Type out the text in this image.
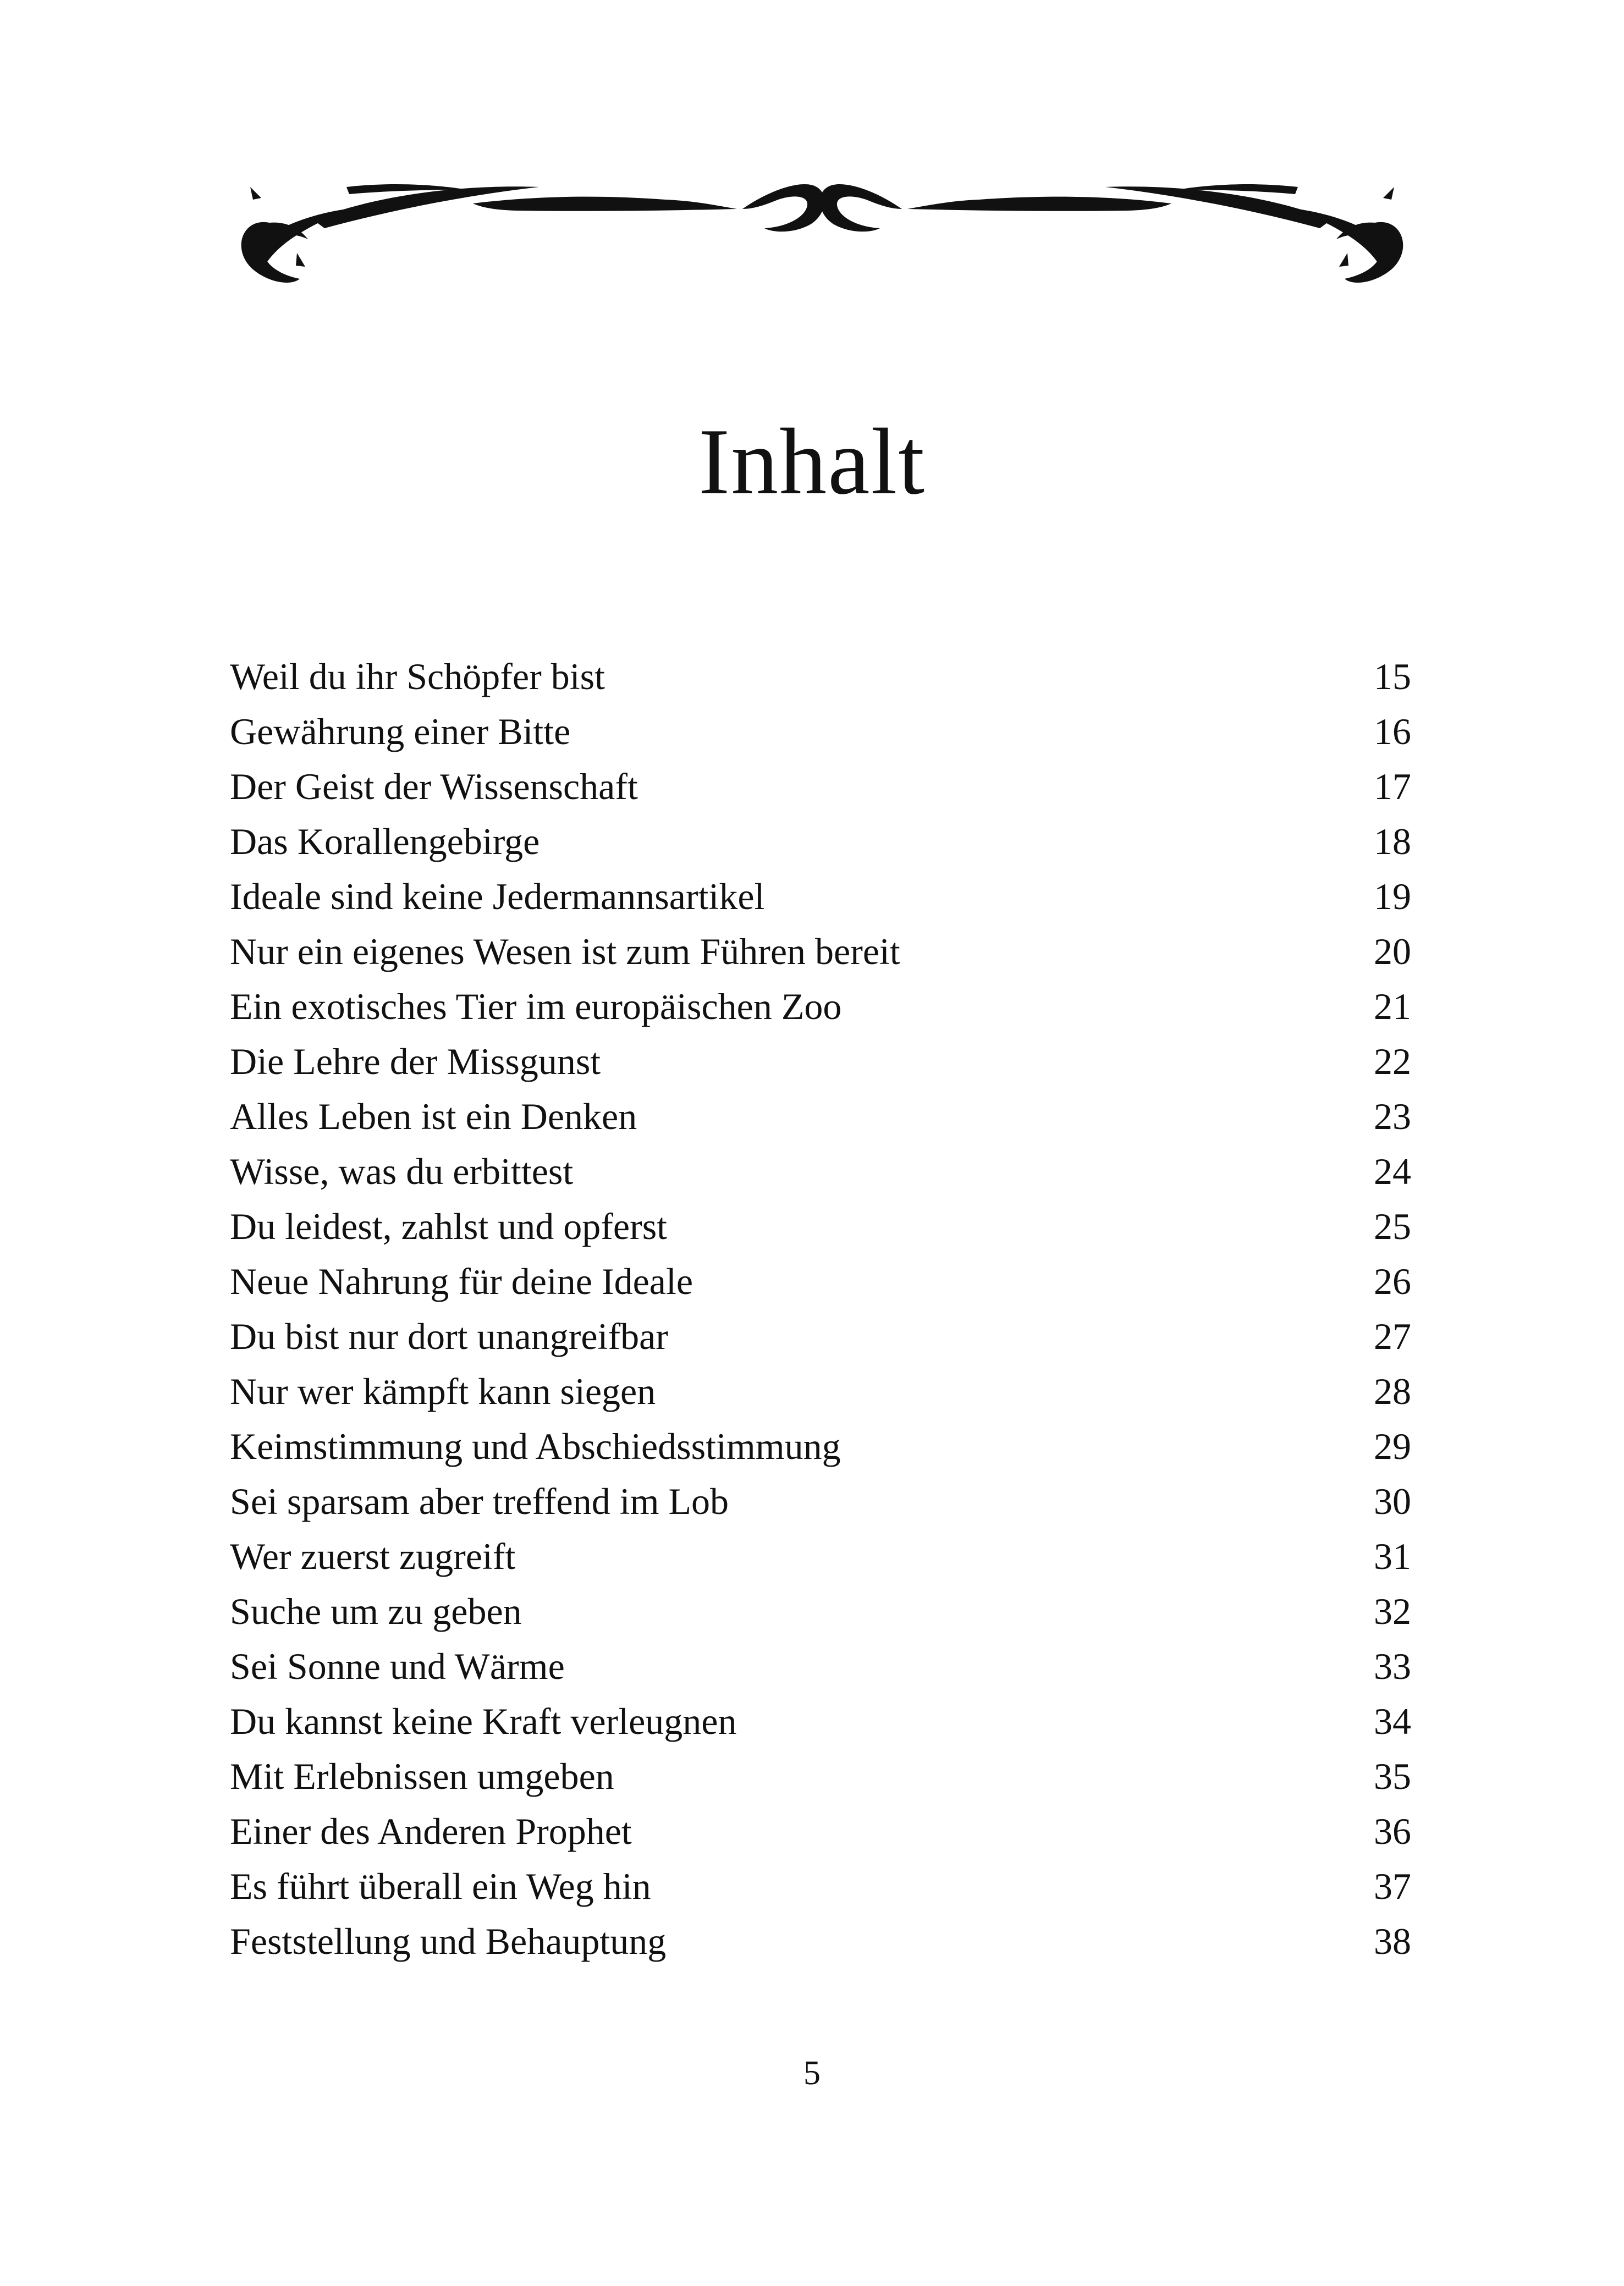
Inhalt
Weil du ihr Schöpfer bist	15
Gewährung einer Bitte	16
Der Geist der Wissenschaft	17
Das Korallengebirge	18
Ideale sind keine Jedermannsartikel	19
Nur ein eigenes Wesen ist zum Führen bereit	20
Ein exotisches Tier im europäischen Zoo	21
Die Lehre der Missgunst	22
Alles Leben ist ein Denken	23
Wisse, was du erbittest	24
Du leidest, zahlst und opferst	25
Neue Nahrung für deine Ideale	26
Du bist nur dort unangreifbar	27
Nur wer kämpft kann siegen	28
Keimstimmung und Abschiedsstimmung	29
Sei sparsam aber treffend im Lob	30
Wer zuerst zugreift	31
Suche um zu geben	32
Sei Sonne und Wärme	33
Du kannst keine Kraft verleugnen	34
Mit Erlebnissen umgeben	35
Einer des Anderen Prophet	36
Es führt überall ein Weg hin	37
Feststellung und Behauptung	38
5
